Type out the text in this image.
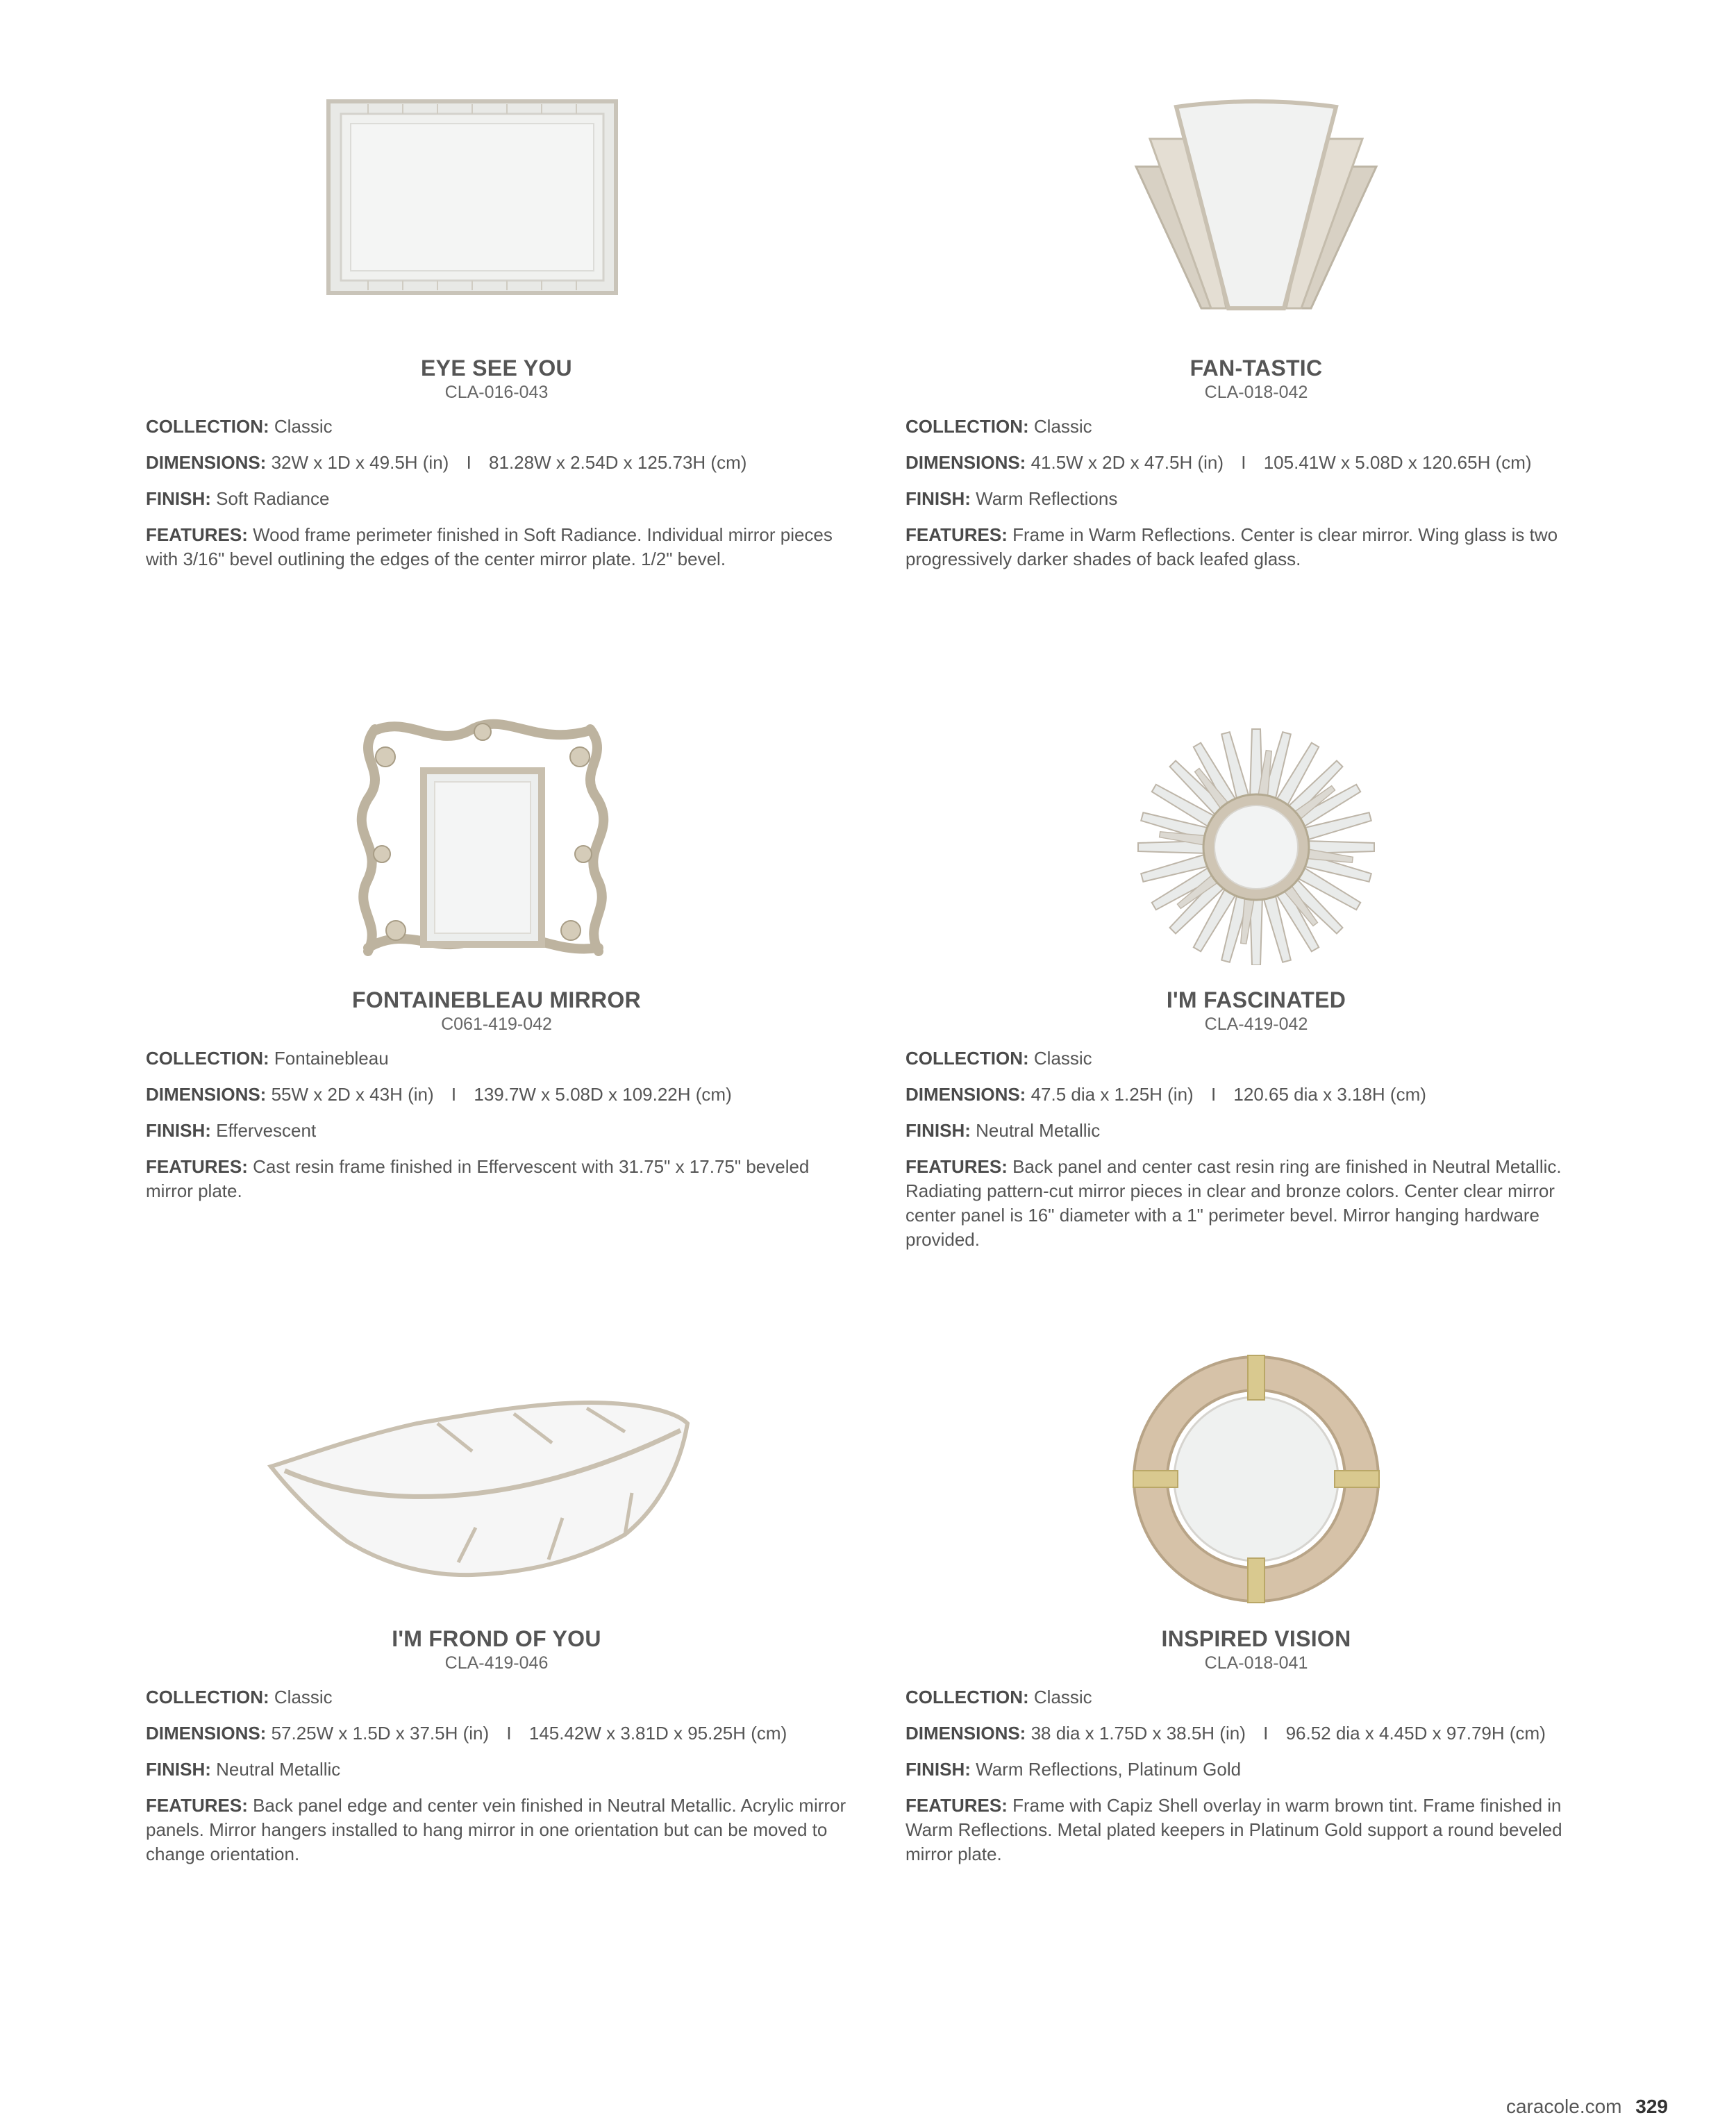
EYE SEE YOU
CLA-016-043
COLLECTION: Classic
DIMENSIONS: 32W x 1D x 49.5H (in) I 81.28W x 2.54D x 125.73H (cm)
FINISH: Soft Radiance
FEATURES: Wood frame perimeter finished in Soft Radiance. Individual mirror pieces with 3/16" bevel outlining the edges of the center mirror plate. 1/2" bevel.
FAN-TASTIC
CLA-018-042
COLLECTION: Classic
DIMENSIONS: 41.5W x 2D x 47.5H (in) I 105.41W x 5.08D x 120.65H (cm)
FINISH: Warm Reflections
FEATURES: Frame in Warm Reflections. Center is clear mirror. Wing glass is two progressively darker shades of back leafed glass.
FONTAINEBLEAU MIRROR
C061-419-042
COLLECTION: Fontainebleau
DIMENSIONS: 55W x 2D x 43H (in) I 139.7W x 5.08D x 109.22H (cm)
FINISH: Effervescent
FEATURES: Cast resin frame finished in Effervescent with 31.75" x 17.75" beveled mirror plate.
I'M FASCINATED
CLA-419-042
COLLECTION: Classic
DIMENSIONS: 47.5 dia x 1.25H (in) I 120.65 dia x 3.18H (cm)
FINISH: Neutral Metallic
FEATURES: Back panel and center cast resin ring are finished in Neutral Metallic. Radiating pattern-cut mirror pieces in clear and bronze colors. Center clear mirror center panel is 16" diameter with a 1" perimeter bevel. Mirror hanging hardware provided.
I'M FROND OF YOU
CLA-419-046
COLLECTION: Classic
DIMENSIONS: 57.25W x 1.5D x 37.5H (in) I 145.42W x 3.81D x 95.25H (cm)
FINISH: Neutral Metallic
FEATURES: Back panel edge and center vein finished in Neutral Metallic. Acrylic mirror panels. Mirror hangers installed to hang mirror in one orientation but can be moved to change orientation.
INSPIRED VISION
CLA-018-041
COLLECTION: Classic
DIMENSIONS: 38 dia x 1.75D x 38.5H (in) I 96.52 dia x 4.45D x 97.79H (cm)
FINISH: Warm Reflections, Platinum Gold
FEATURES: Frame with Capiz Shell overlay in warm brown tint. Frame finished in Warm Reflections. Metal plated keepers in Platinum Gold support a round beveled mirror plate.
caracole.com 329
